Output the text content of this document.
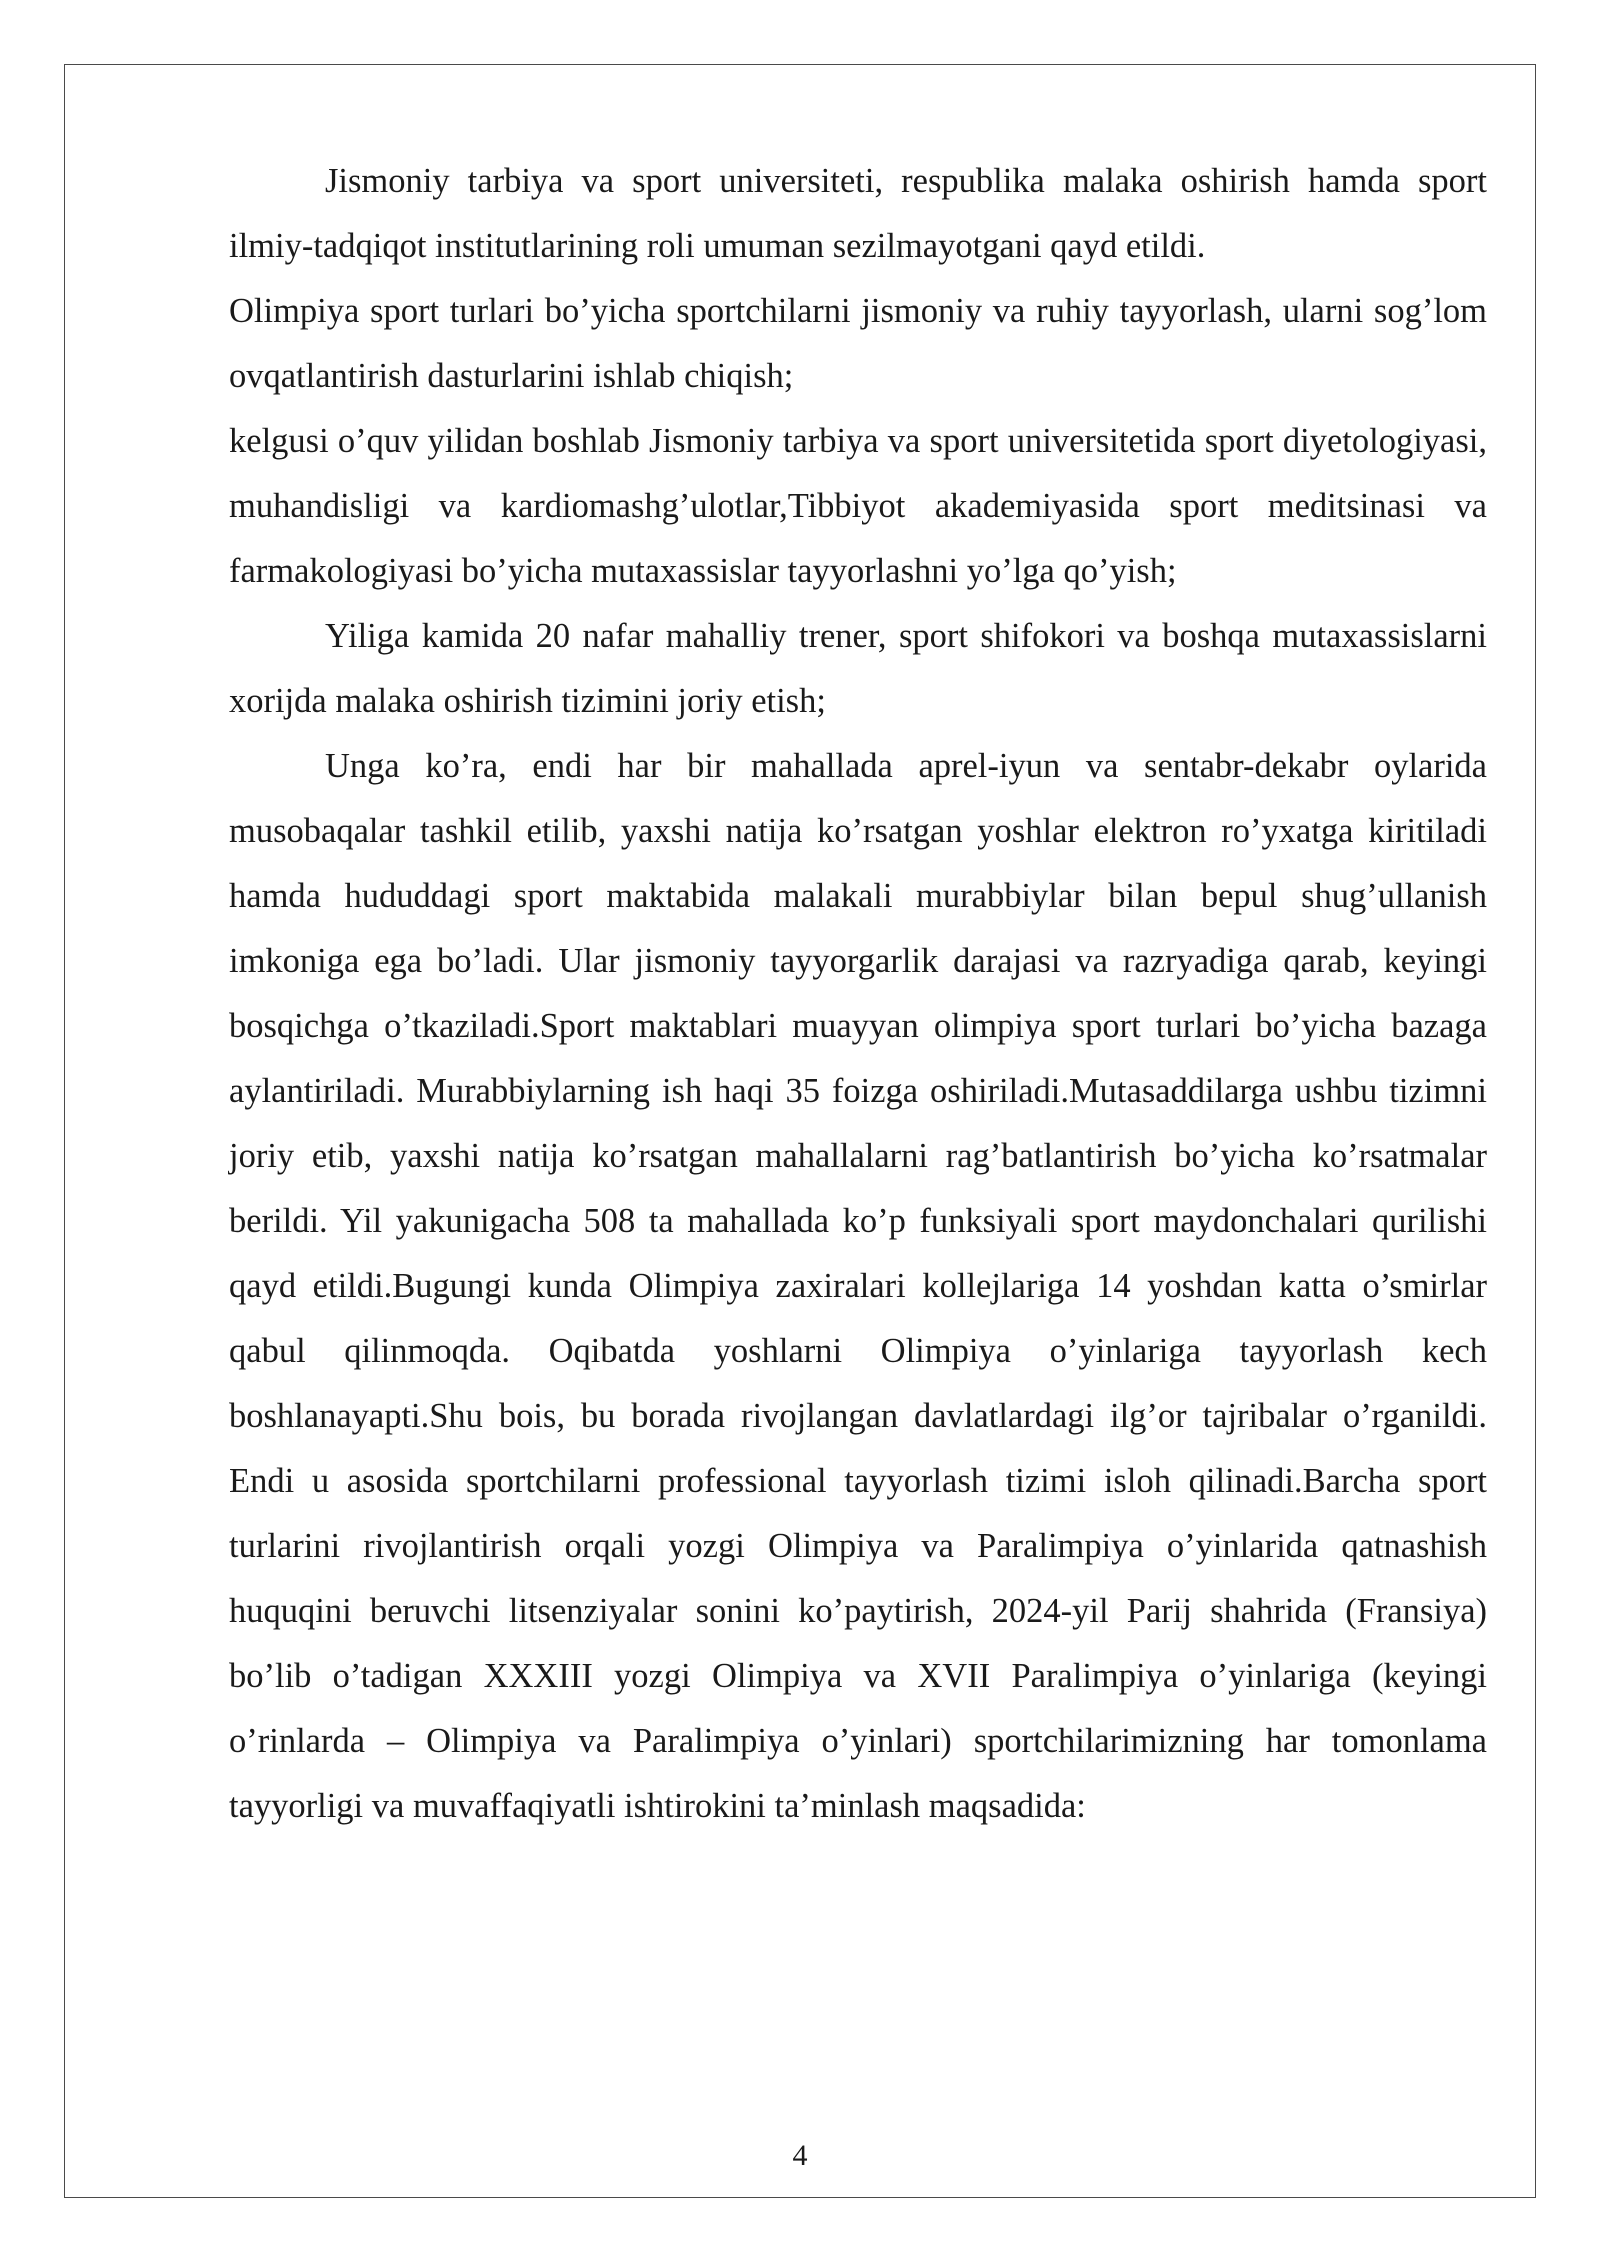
Jismoniy tarbiya va sport universiteti, respublika malaka oshirish hamda sport ilmiy-tadqiqot institutlarining roli umuman sezilmayotgani qayd etildi.

Olimpiya sport turlari bo’yicha sportchilarni jismoniy va ruhiy tayyorlash, ularni sog’lom ovqatlantirish dasturlarini ishlab chiqish;

kelgusi o’quv yilidan boshlab Jismoniy tarbiya va sport universitetida sport diyetologiyasi, muhandisligi va kardiomashg’ulotlar,Tibbiyot akademiyasida sport meditsinasi va farmakologiyasi bo’yicha mutaxassislar tayyorlashni yo’lga qo’yish;

Yiliga kamida 20 nafar mahalliy trener, sport shifokori va boshqa mutaxassislarni xorijda malaka oshirish tizimini joriy etish;

Unga ko’ra, endi har bir mahallada aprel-iyun va sentabr-dekabr oylarida musobaqalar tashkil etilib, yaxshi natija ko’rsatgan yoshlar elektron ro’yxatga kiritiladi hamda hududdagi sport maktabida malakali murabbiylar bilan bepul shug’ullanish imkoniga ega bo’ladi. Ular jismoniy tayyorgarlik darajasi va razryadiga qarab, keyingi bosqichga o’tkaziladi.Sport maktablari muayyan olimpiya sport turlari bo’yicha bazaga aylantiriladi. Murabbiylarning ish haqi 35 foizga oshiriladi.Mutasaddilarga ushbu tizimni joriy etib, yaxshi natija ko’rsatgan mahallalarni rag’batlantirish bo’yicha ko’rsatmalar berildi. Yil yakunigacha 508 ta mahallada ko’p funksiyali sport maydonchalari qurilishi qayd etildi.Bugungi kunda Olimpiya zaxiralari kollejlariga 14 yoshdan katta o’smirlar qabul qilinmoqda. Oqibatda yoshlarni Olimpiya o’yinlariga tayyorlash kech boshlanayapti.Shu bois, bu borada rivojlangan davlatlardagi ilg’or tajribalar o’rganildi. Endi u asosida sportchilarni professional tayyorlash tizimi isloh qilinadi.Barcha sport turlarini rivojlantirish orqali yozgi Olimpiya va Paralimpiya o’yinlarida qatnashish huquqini beruvchi litsenziyalar sonini ko’paytirish, 2024-yil Parij shahrida (Fransiya) bo’lib o’tadigan XXXIII yozgi Olimpiya va XVII Paralimpiya o’yinlariga (keyingi o’rinlarda – Olimpiya va Paralimpiya o’yinlari) sportchilarimizning har tomonlama tayyorligi va muvaffaqiyatli ishtirokini ta’minlash maqsadida:

4
